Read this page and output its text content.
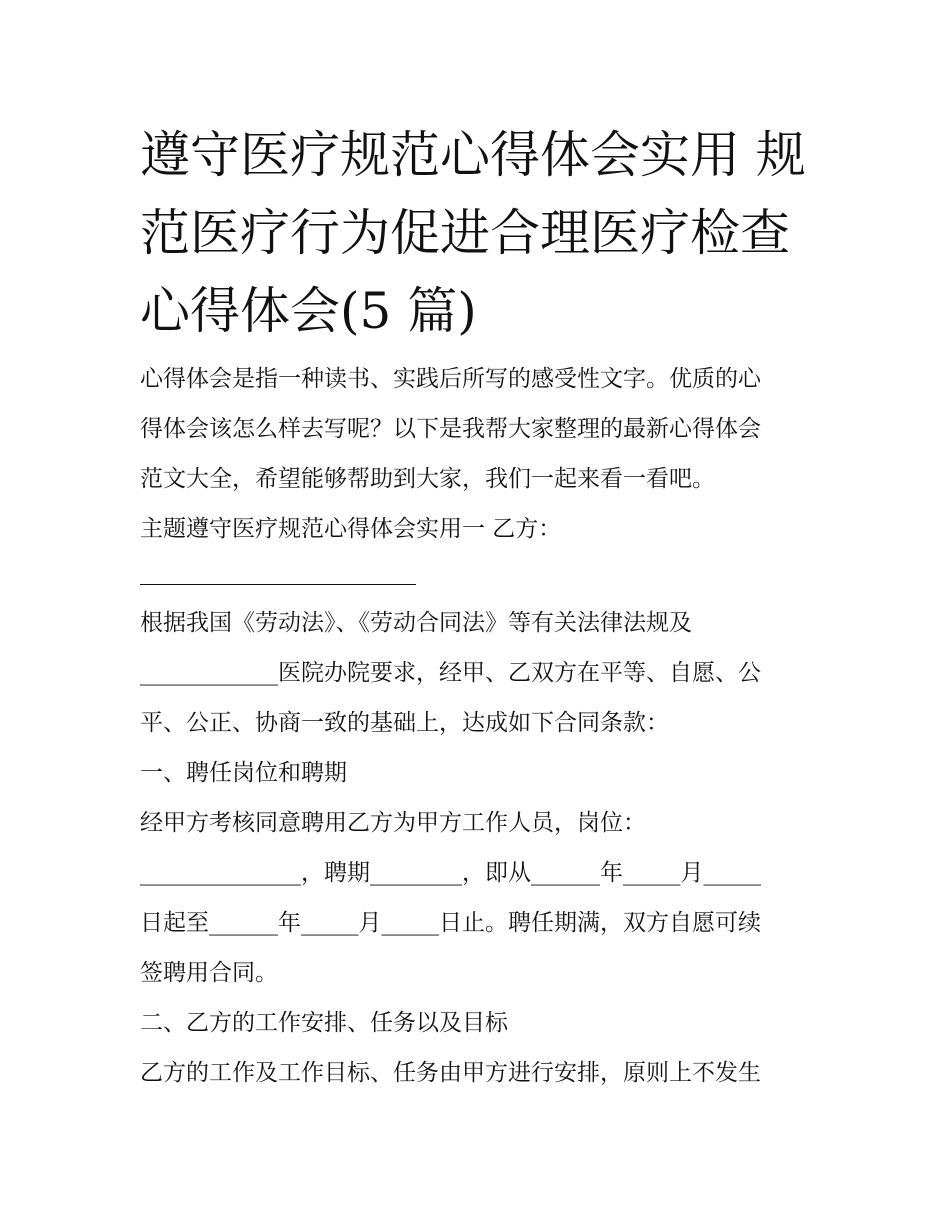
遵守医疗规范心得体会实用 规
范医疗行为促进合理医疗检查
心得体会(5 篇)
心得体会是指一种读书、实践后所写的感受性文字。优质的心
得体会该怎么样去写呢？以下是我帮大家整理的最新心得体会
范文大全，希望能够帮助到大家，我们一起来看一看吧。
主题遵守医疗规范心得体会实用一 乙方：
根据我国《劳动法》、《劳动合同法》等有关法律法规及
____________医院办院要求，经甲、乙双方在平等、自愿、公
平、公正、协商一致的基础上，达成如下合同条款：
一、聘任岗位和聘期
经甲方考核同意聘用乙方为甲方工作人员，岗位：
______________，聘期________，即从______年_____月_____
日起至______年_____月_____日止。聘任期满，双方自愿可续
签聘用合同。
二、乙方的工作安排、任务以及目标
乙方的工作及工作目标、任务由甲方进行安排，原则上不发生
